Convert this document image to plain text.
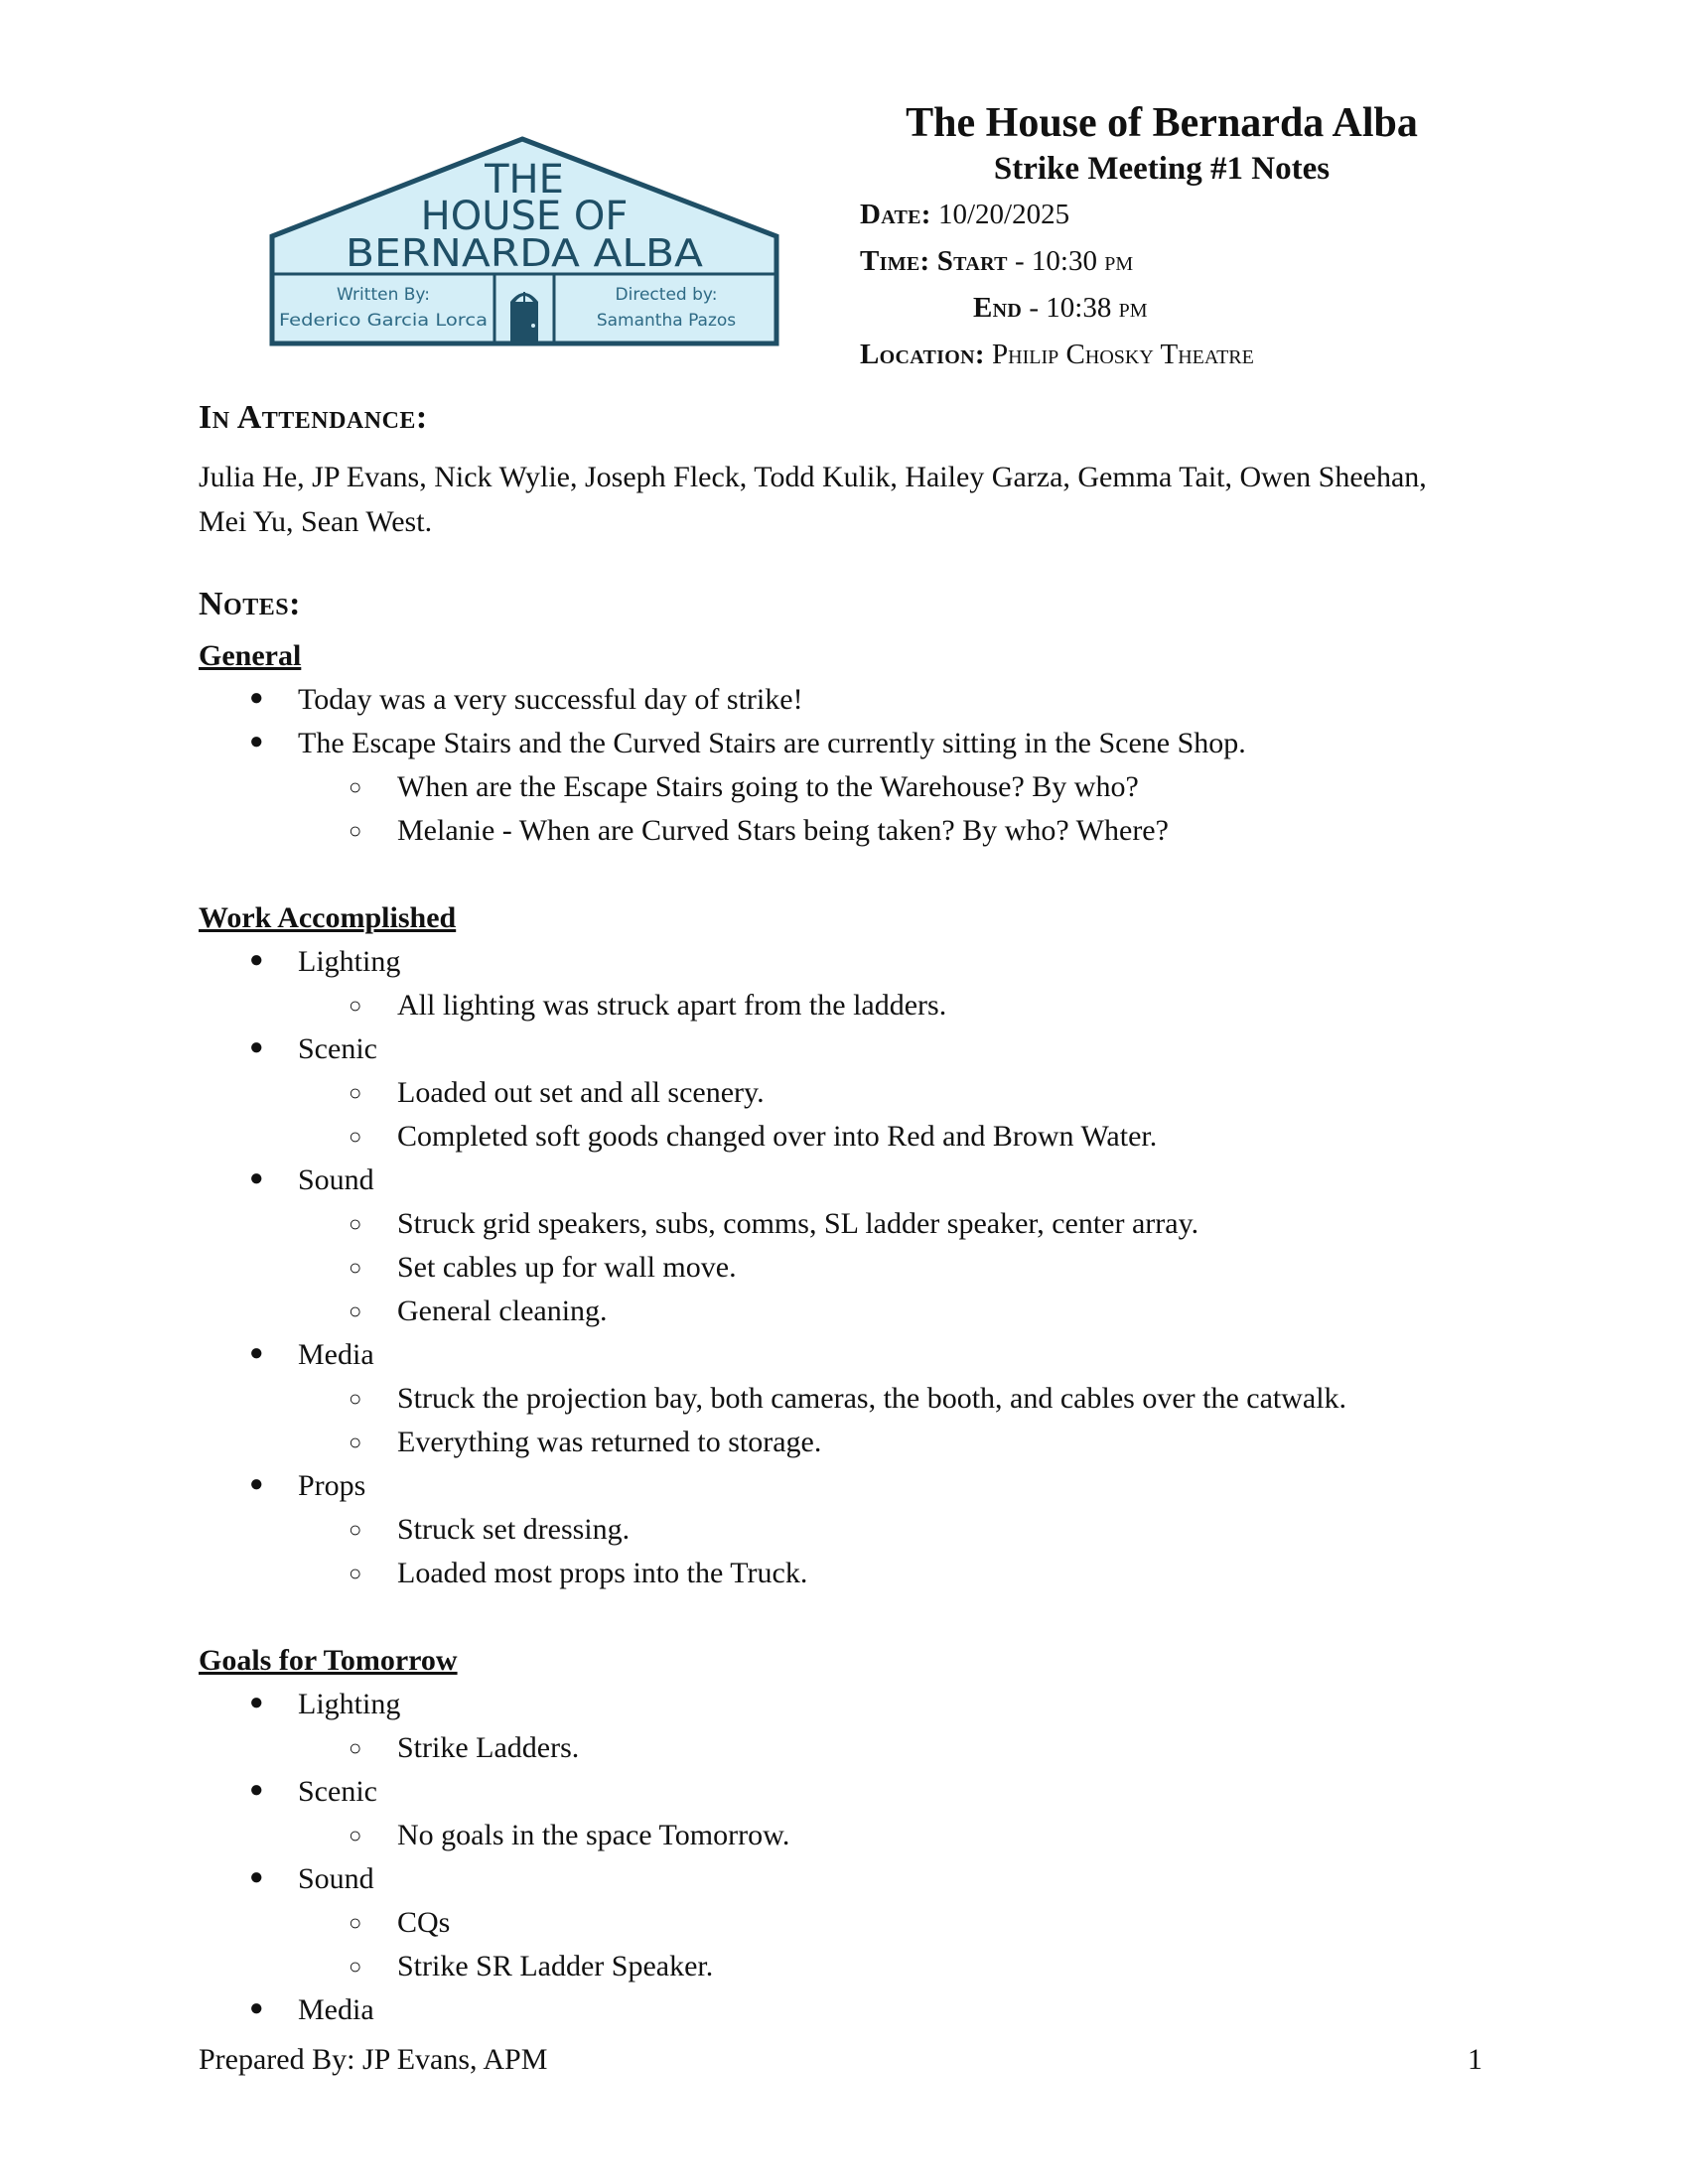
THE
HOUSE OF
BERNARDA ALBA
Written By:
Federico Garcia Lorca
Directed by:
Samantha Pazos
The House of Bernarda Alba
Strike Meeting #1 Notes
Date: 10/20/2025
Time: Start - 10:30 pm
End - 10:38 pm
Location: Philip Chosky Theatre
In Attendance:
Julia He, JP Evans, Nick Wylie, Joseph Fleck, Todd Kulik, Hailey Garza, Gemma Tait, Owen Sheehan, Mei Yu, Sean West.
Notes:
General
● Today was a very successful day of strike!
● The Escape Stairs and the Curved Stairs are currently sitting in the Scene Shop.
○ When are the Escape Stairs going to the Warehouse? By who?
○ Melanie - When are Curved Stars being taken? By who? Where?
Work Accomplished
● Lighting
○ All lighting was struck apart from the ladders.
● Scenic
○ Loaded out set and all scenery.
○ Completed soft goods changed over into Red and Brown Water.
● Sound
○ Struck grid speakers, subs, comms, SL ladder speaker, center array.
○ Set cables up for wall move.
○ General cleaning.
● Media
○ Struck the projection bay, both cameras, the booth, and cables over the catwalk.
○ Everything was returned to storage.
● Props
○ Struck set dressing.
○ Loaded most props into the Truck.
Goals for Tomorrow
● Lighting
○ Strike Ladders.
● Scenic
○ No goals in the space Tomorrow.
● Sound
○ CQs
○ Strike SR Ladder Speaker.
● Media
Prepared By: JP Evans, APM	1
